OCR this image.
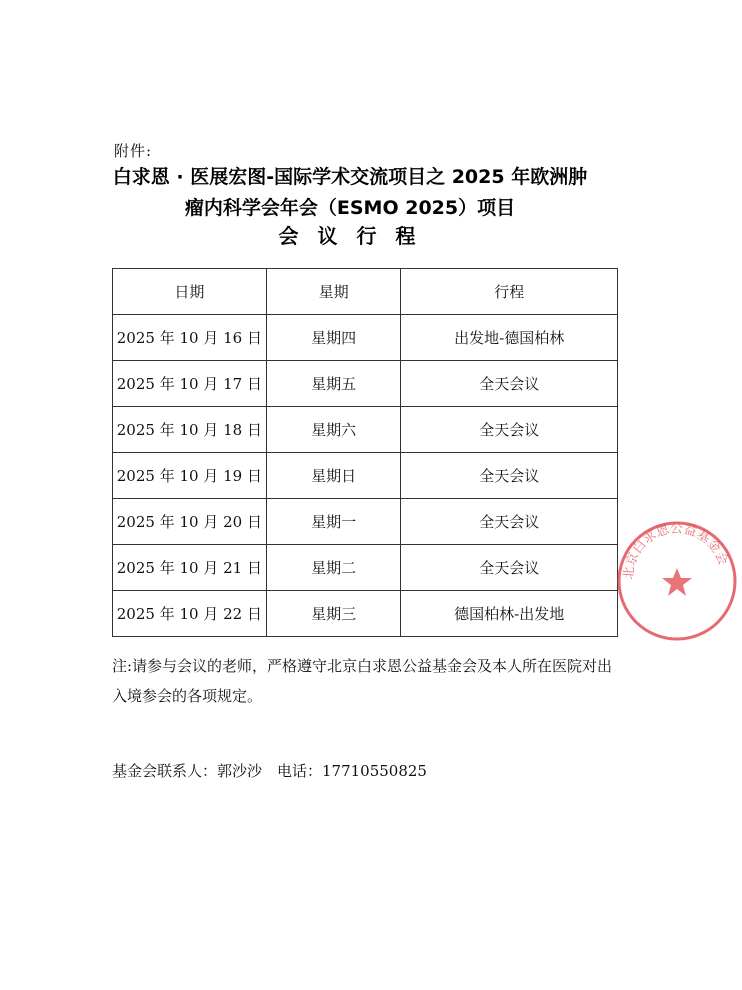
附件:
白求恩 · 医展宏图-国际学术交流项目之 2025 年欧洲肿
瘤内科学会年会（ESMO 2025）项目
会 议 行 程
日期	星期	行程
2025 年 10 月 16 日	星期四	出发地-德国柏林
2025 年 10 月 17 日	星期五	全天会议
2025 年 10 月 18 日	星期六	全天会议
2025 年 10 月 19 日	星期日	全天会议
2025 年 10 月 20 日	星期一	全天会议
2025 年 10 月 21 日	星期二	全天会议
2025 年 10 月 22 日	星期三	德国柏林-出发地
注:请参与会议的老师，严格遵守北京白求恩公益基金会及本人所在医院对出入境参会的各项规定。
基金会联系人：郭沙沙　电话：17710550825
北京白求恩公益基金会
